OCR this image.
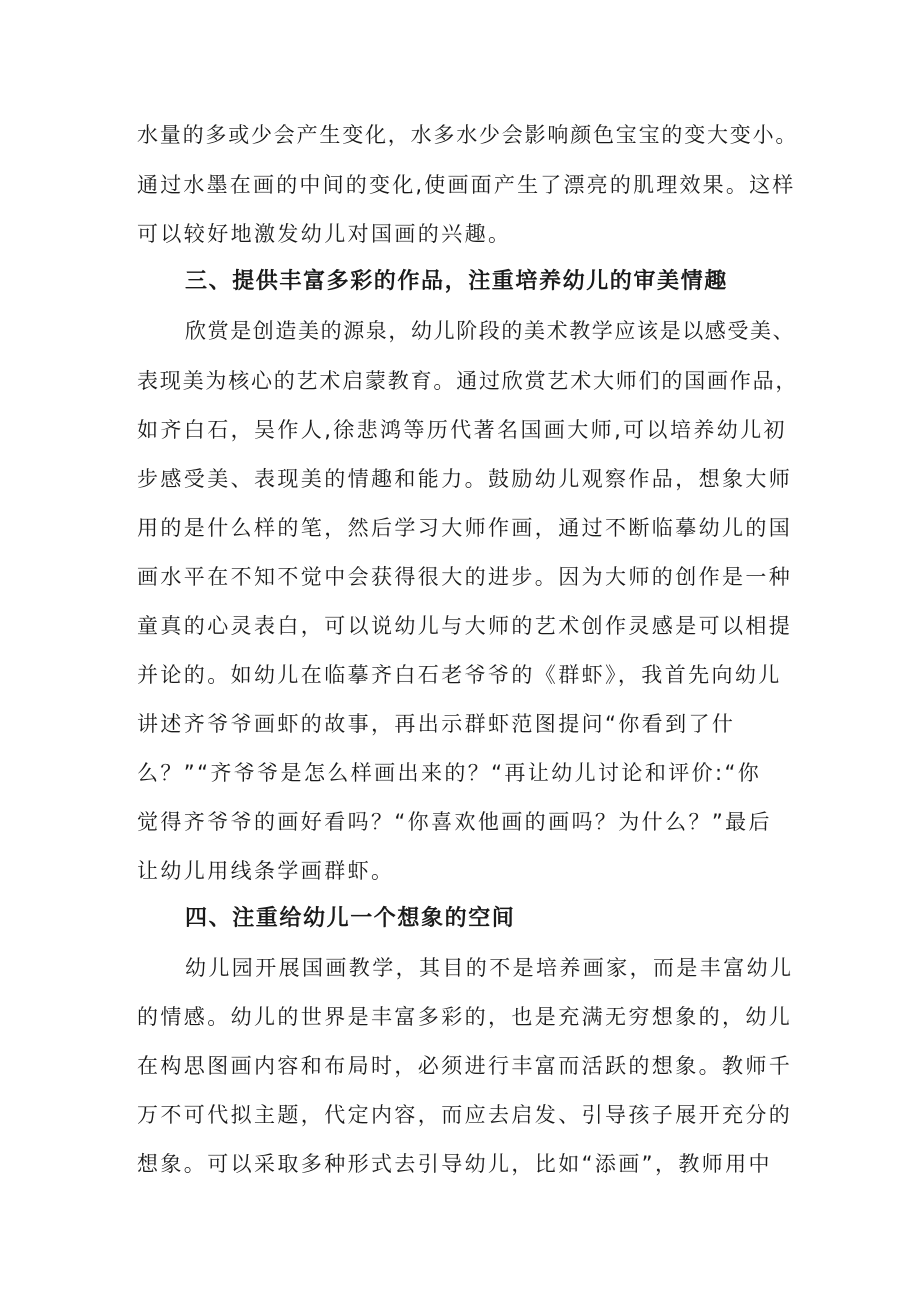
水量的多或少会产生变化，水多水少会影响颜色宝宝的变大变小。
通过水墨在画的中间的变化,使画面产生了漂亮的肌理效果。这样
可以较好地激发幼儿对国画的兴趣。
三、提供丰富多彩的作品，注重培养幼儿的审美情趣
欣赏是创造美的源泉，幼儿阶段的美术教学应该是以感受美、
表现美为核心的艺术启蒙教育。通过欣赏艺术大师们的国画作品，
如齐白石，吴作人,徐悲鸿等历代著名国画大师,可以培养幼儿初
步感受美、表现美的情趣和能力。鼓励幼儿观察作品，想象大师
用的是什么样的笔，然后学习大师作画，通过不断临摹幼儿的国
画水平在不知不觉中会获得很大的进步。因为大师的创作是一种
童真的心灵表白，可以说幼儿与大师的艺术创作灵感是可以相提
并论的。如幼儿在临摹齐白石老爷爷的《群虾》，我首先向幼儿
讲述齐爷爷画虾的故事，再出示群虾范图提问“你看到了什
么？”“齐爷爷是怎么样画出来的？“再让幼儿讨论和评价:“你
觉得齐爷爷的画好看吗？“你喜欢他画的画吗？为什么？”最后
让幼儿用线条学画群虾。
四、注重给幼儿一个想象的空间
幼儿园开展国画教学，其目的不是培养画家，而是丰富幼儿
的情感。幼儿的世界是丰富多彩的，也是充满无穷想象的，幼儿
在构思图画内容和布局时，必须进行丰富而活跃的想象。教师千
万不可代拟主题，代定内容，而应去启发、引导孩子展开充分的
想象。可以采取多种形式去引导幼儿，比如“添画”，教师用中
